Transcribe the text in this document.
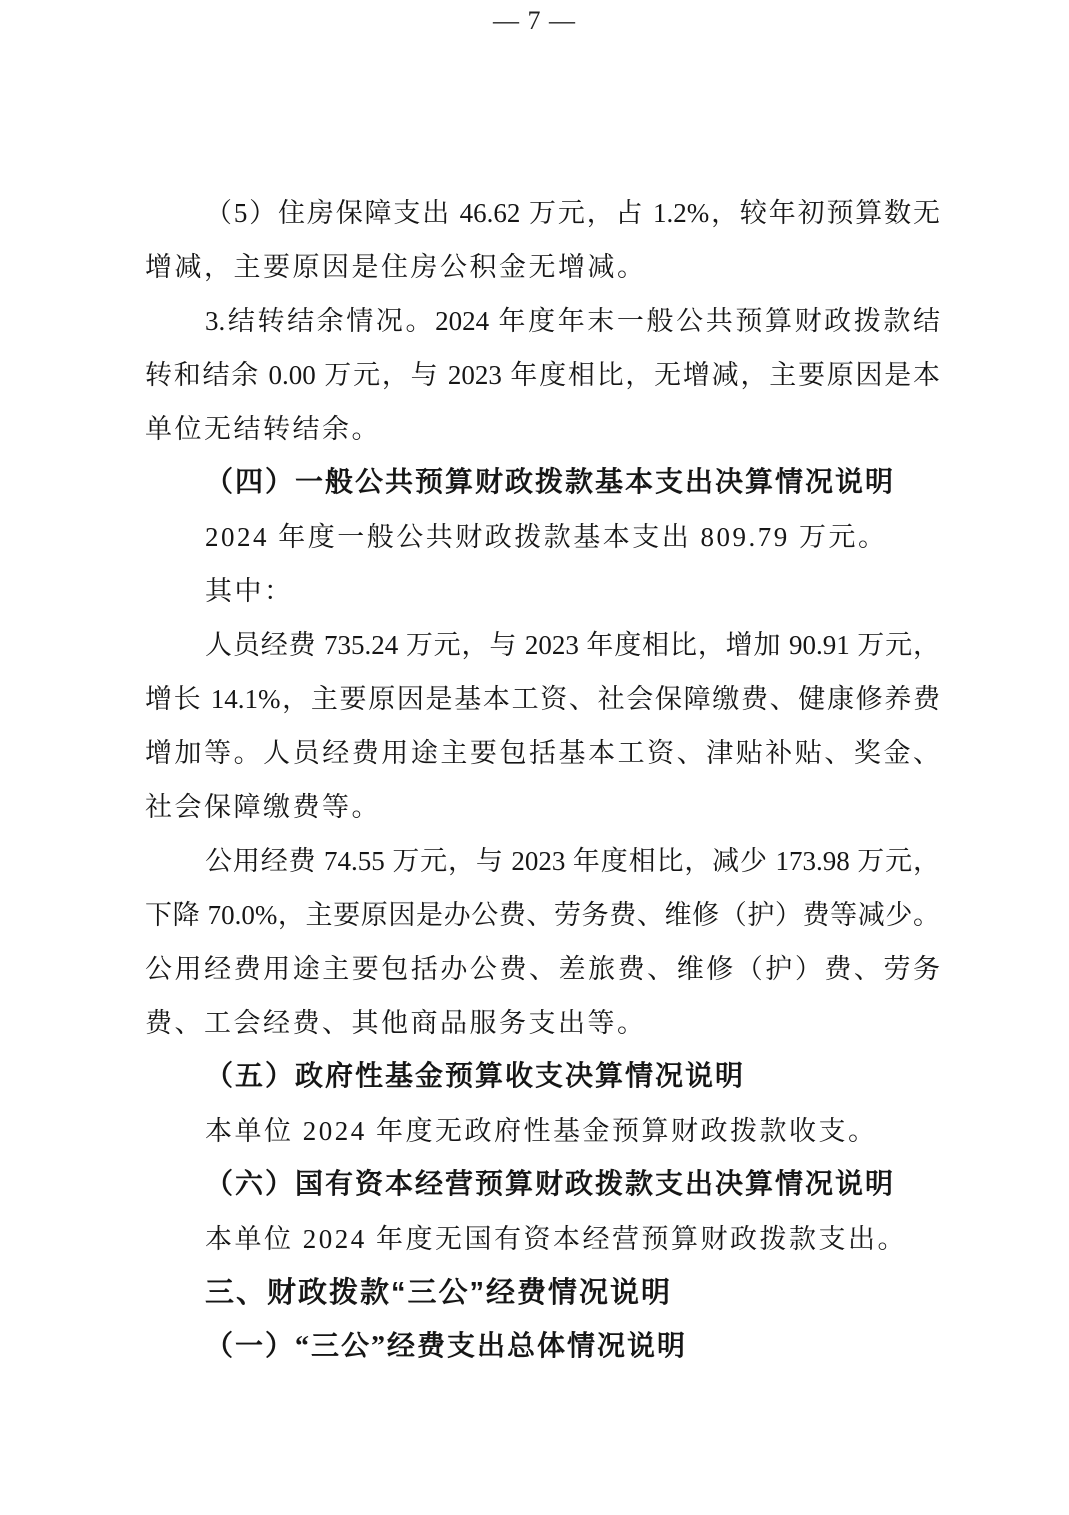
（5）住房保障支出 46.62 万元，占 1.2%，较年初预算数无
增减，主要原因是住房公积金无增减。
3.结转结余情况。2024 年度年末一般公共预算财政拨款结
转和结余 0.00 万元，与 2023 年度相比，无增减，主要原因是本
单位无结转结余。
（四）一般公共预算财政拨款基本支出决算情况说明
2024 年度一般公共财政拨款基本支出 809.79 万元。
其中：
人员经费 735.24 万元，与 2023 年度相比，增加 90.91 万元，
增长 14.1%，主要原因是基本工资、社会保障缴费、健康修养费
增加等。人员经费用途主要包括基本工资、津贴补贴、奖金、
社会保障缴费等。
公用经费 74.55 万元，与 2023 年度相比，减少 173.98 万元，
下降 70.0%，主要原因是办公费、劳务费、维修（护）费等减少。
公用经费用途主要包括办公费、差旅费、维修（护）费、劳务
费、工会经费、其他商品服务支出等。
（五）政府性基金预算收支决算情况说明
本单位 2024 年度无政府性基金预算财政拨款收支。
（六）国有资本经营预算财政拨款支出决算情况说明
本单位 2024 年度无国有资本经营预算财政拨款支出。
三、财政拨款“三公”经费情况说明
（一）“三公”经费支出总体情况说明
— 7 —
